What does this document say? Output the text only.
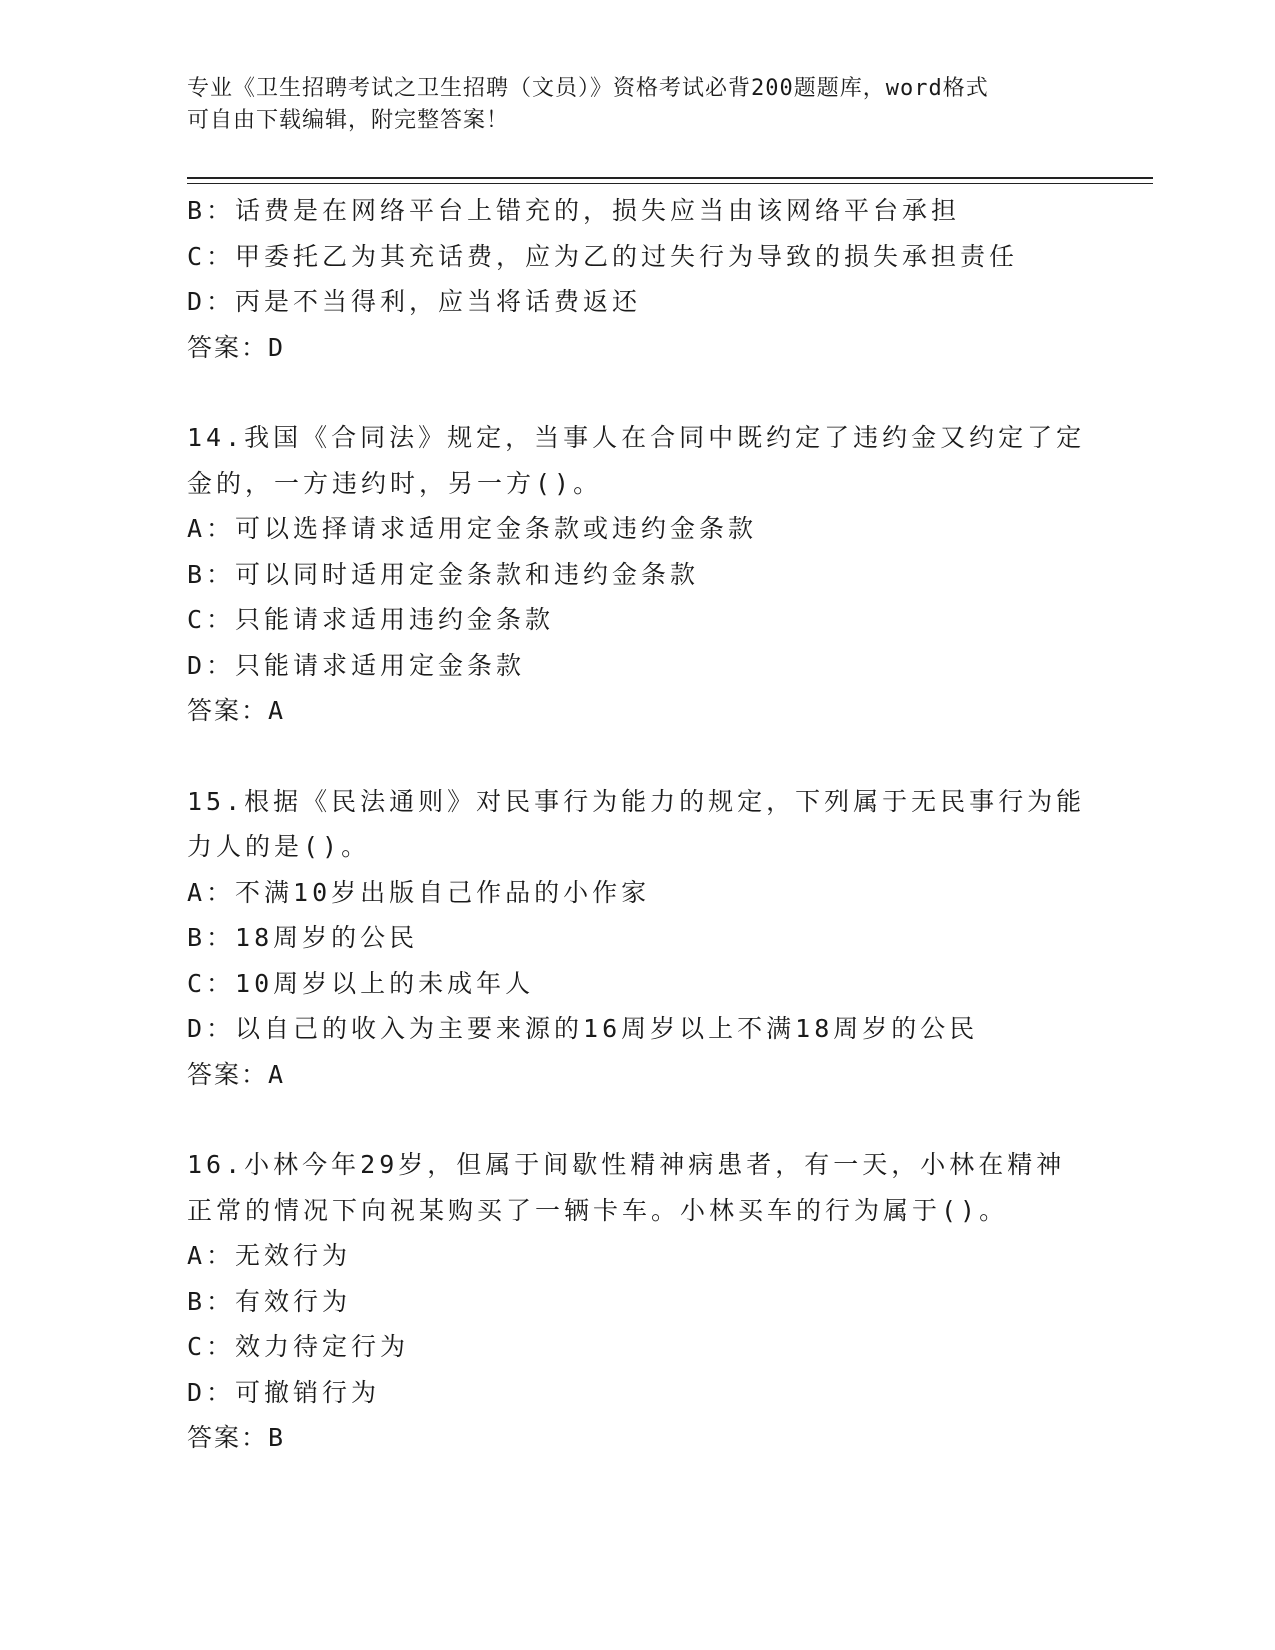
专业《卫生招聘考试之卫生招聘（文员）》资格考试必背200题题库，word格式
可自由下载编辑，附完整答案！
B：话费是在网络平台上错充的，损失应当由该网络平台承担
C：甲委托乙为其充话费，应为乙的过失行为导致的损失承担责任
D：丙是不当得利，应当将话费返还
答案：D
14.我国《合同法》规定，当事人在合同中既约定了违约金又约定了定
金的，一方违约时，另一方()。
A：可以选择请求适用定金条款或违约金条款
B：可以同时适用定金条款和违约金条款
C：只能请求适用违约金条款
D：只能请求适用定金条款
答案：A
15.根据《民法通则》对民事行为能力的规定，下列属于无民事行为能
力人的是()。
A：不满10岁出版自己作品的小作家
B：18周岁的公民
C：10周岁以上的未成年人
D：以自己的收入为主要来源的16周岁以上不满18周岁的公民
答案：A
16.小林今年29岁，但属于间歇性精神病患者，有一天，小林在精神
正常的情况下向祝某购买了一辆卡车。小林买车的行为属于()。
A：无效行为
B：有效行为
C：效力待定行为
D：可撤销行为
答案：B
